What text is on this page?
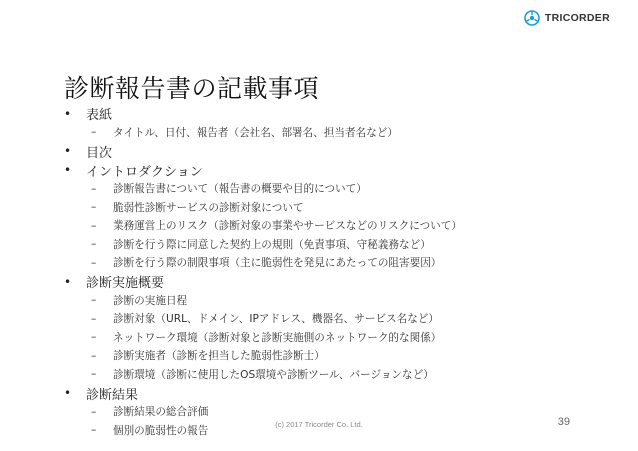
TRICORDER
診断報告書の記載事項
•	表紙
–	タイトル、日付、報告者（会社名、部署名、担当者名など）
•	目次
•	イントロダクション
–	診断報告書について（報告書の概要や目的について）
–	脆弱性診断サービスの診断対象について
–	業務運営上のリスク（診断対象の事業やサービスなどのリスクについて）
–	診断を行う際に同意した契約上の規則（免責事項、守秘義務など）
–	診断を行う際の制限事項（主に脆弱性を発見にあたっての阻害要因）
•	診断実施概要
–	診断の実施日程
–	診断対象（URL、ドメイン、IPアドレス、機器名、サービス名など）
–	ネットワーク環境（診断対象と診断実施側のネットワーク的な関係）
–	診断実施者（診断を担当した脆弱性診断士）
–	診断環境（診断に使用したOS環境や診断ツール、バージョンなど）
•	診断結果
–	診断結果の総合評価
–	個別の脆弱性の報告
(c) 2017 Tricorder Co. Ltd.	39
